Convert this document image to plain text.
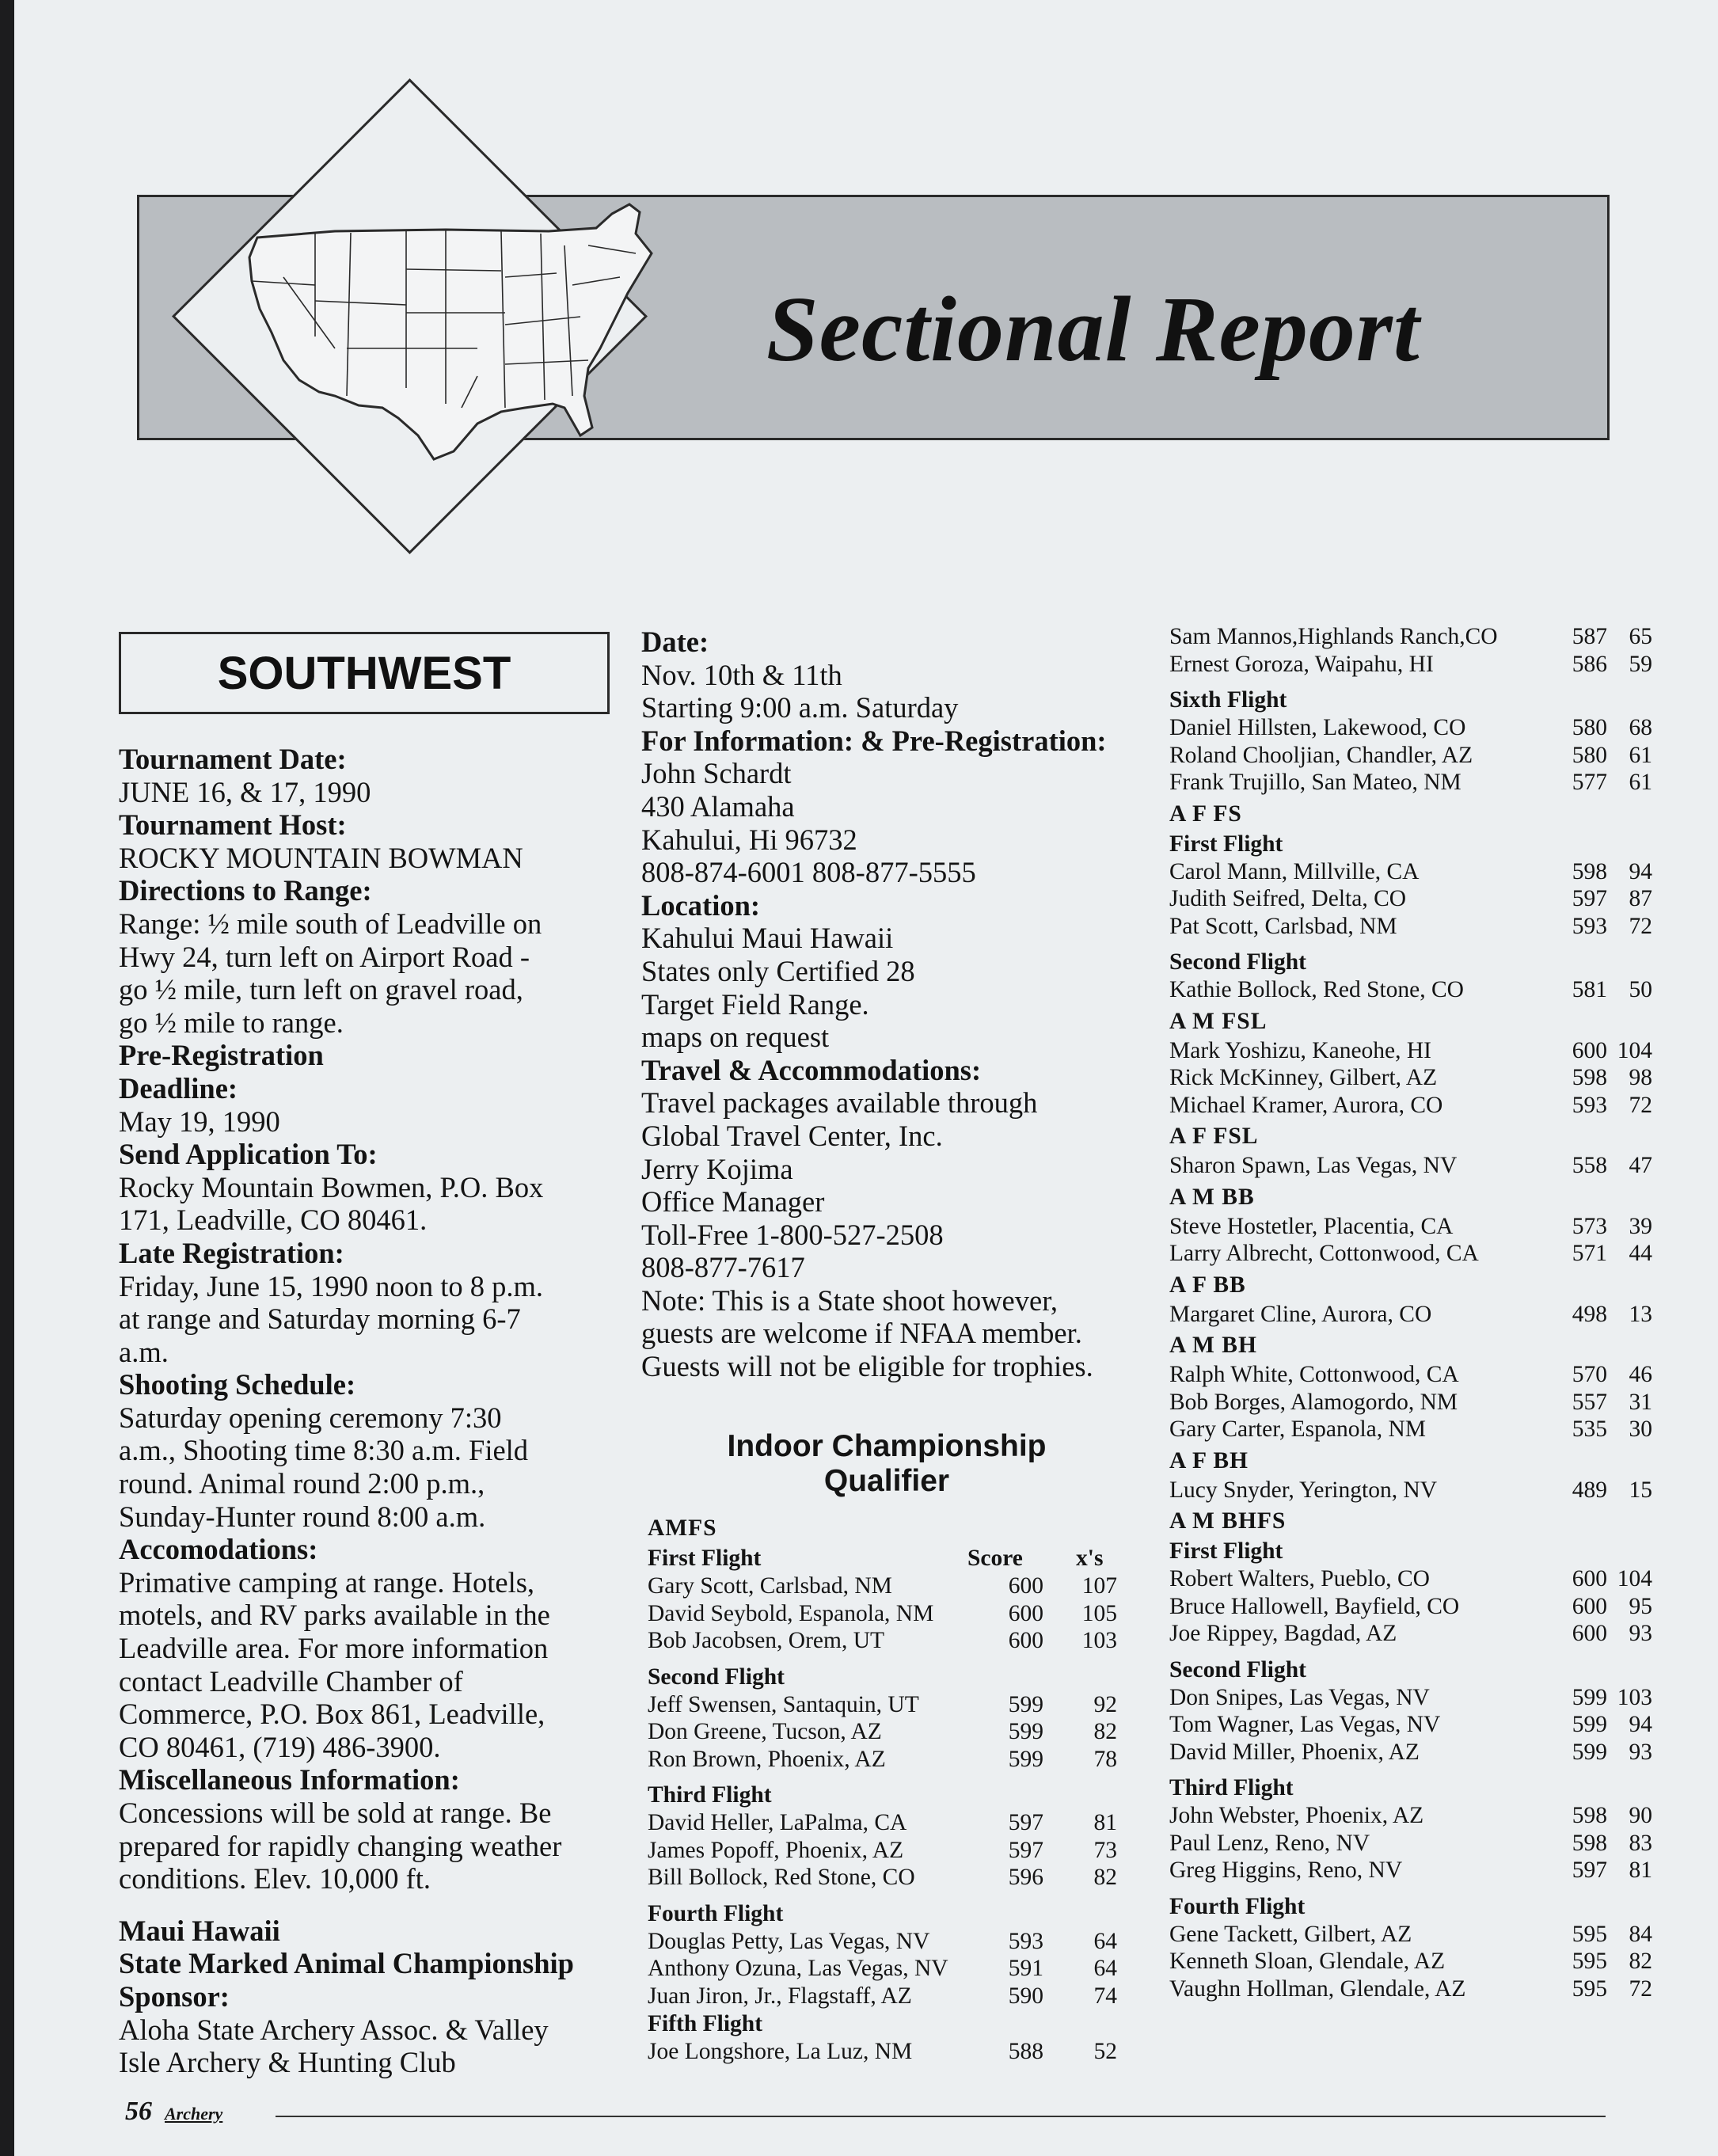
Sectional Report
SOUTHWEST
Tournament Date:
JUNE 16, & 17, 1990
Tournament Host:
ROCKY MOUNTAIN BOWMAN
Directions to Range:
Range: ½ mile south of Leadville on
Hwy 24, turn left on Airport Road -
go ½ mile, turn left on gravel road,
go ½ mile to range.
Pre-Registration
Deadline:
May 19, 1990
Send Application To:
Rocky Mountain Bowmen, P.O. Box
171, Leadville, CO 80461.
Late Registration:
Friday, June 15, 1990 noon to 8 p.m.
at range and Saturday morning 6-7
a.m.
Shooting Schedule:
Saturday opening ceremony 7:30
a.m., Shooting time 8:30 a.m. Field
round. Animal round 2:00 p.m.,
Sunday-Hunter round 8:00 a.m.
Accomodations:
Primative camping at range. Hotels,
motels, and RV parks available in the
Leadville area. For more information
contact Leadville Chamber of
Commerce, P.O. Box 861, Leadville,
CO 80461, (719) 486-3900.
Miscellaneous Information:
Concessions will be sold at range. Be
prepared for rapidly changing weather
conditions. Elev. 10,000 ft.
Maui Hawaii
State Marked Animal Championship
Sponsor:
Aloha State Archery Assoc. & Valley
Isle Archery & Hunting Club
Date:
Nov. 10th & 11th
Starting 9:00 a.m. Saturday
For Information: & Pre-Registration:
John Schardt
430 Alamaha
Kahului, Hi 96732
808-874-6001 808-877-5555
Location:
Kahului Maui Hawaii
States only Certified 28
Target Field Range.
maps on request
Travel & Accommodations:
Travel packages available through
Global Travel Center, Inc.
Jerry Kojima
Office Manager
Toll-Free 1-800-527-2508
808-877-7617
Note: This is a State shoot however,
guests are welcome if NFAA member.
Guests will not be eligible for trophies.
Indoor Championship
Qualifier
AMFS
First Flight	Score x's
Gary Scott, Carlsbad, NM	600	107
David Seybold, Espanola, NM	600	105
Bob Jacobsen, Orem, UT	600	103
Second Flight
Jeff Swensen, Santaquin, UT	599	92
Don Greene, Tucson, AZ	599	82
Ron Brown, Phoenix, AZ	599	78
Third Flight
David Heller, LaPalma, CA	597	81
James Popoff, Phoenix, AZ	597	73
Bill Bollock, Red Stone, CO	596	82
Fourth Flight
Douglas Petty, Las Vegas, NV	593	64
Anthony Ozuna, Las Vegas, NV	591	64
Juan Jiron, Jr., Flagstaff, AZ	590	74
Fifth Flight
Joe Longshore, La Luz, NM	588	52
Sam Mannos,Highlands Ranch,CO	587 65
Ernest Goroza, Waipahu, HI	586 59
Sixth Flight
Daniel Hillsten, Lakewood, CO	580 68
Roland Chooljian, Chandler, AZ	580 61
Frank Trujillo, San Mateo, NM	577 61
A F FS
First Flight
Carol Mann, Millville, CA	598 94
Judith Seifred, Delta, CO	597 87
Pat Scott, Carlsbad, NM	593 72
Second Flight
Kathie Bollock, Red Stone, CO	581 50
A M FSL
Mark Yoshizu, Kaneohe, HI	600 104
Rick McKinney, Gilbert, AZ	598 98
Michael Kramer, Aurora, CO	593 72
A F FSL
Sharon Spawn, Las Vegas, NV	558 47
A M BB
Steve Hostetler, Placentia, CA	573 39
Larry Albrecht, Cottonwood, CA	571 44
A F BB
Margaret Cline, Aurora, CO	498 13
A M BH
Ralph White, Cottonwood, CA	570 46
Bob Borges, Alamogordo, NM	557 31
Gary Carter, Espanola, NM	535 30
A F BH
Lucy Snyder, Yerington, NV	489 15
A M BHFS
First Flight
Robert Walters, Pueblo, CO	600 104
Bruce Hallowell, Bayfield, CO	600 95
Joe Rippey, Bagdad, AZ	600 93
Second Flight
Don Snipes, Las Vegas, NV	599 103
Tom Wagner, Las Vegas, NV	599 94
David Miller, Phoenix, AZ	599 93
Third Flight
John Webster, Phoenix, AZ	598 90
Paul Lenz, Reno, NV	598 83
Greg Higgins, Reno, NV	597 81
Fourth Flight
Gene Tackett, Gilbert, AZ	595 84
Kenneth Sloan, Glendale, AZ	595 82
Vaughn Hollman, Glendale, AZ	595 72
56 Archery
